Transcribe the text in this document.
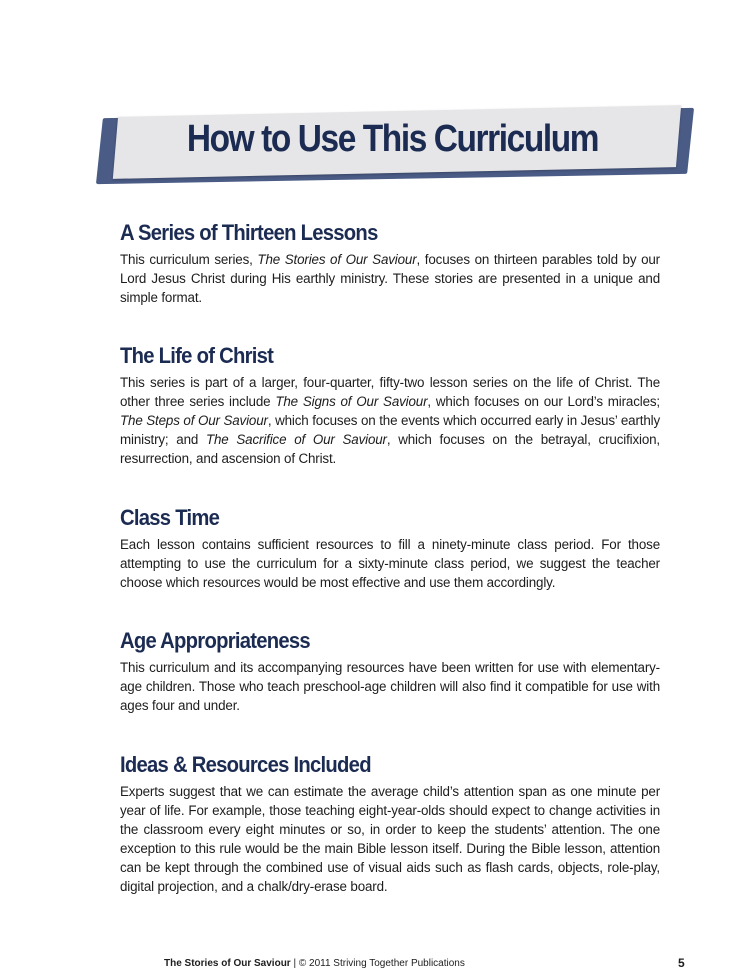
How to Use This Curriculum
A Series of Thirteen Lessons

This curriculum series, The Stories of Our Saviour, focuses on thirteen parables told by our Lord Jesus Christ during His earthly ministry. These stories are presented in a unique and simple format.

The Life of Christ

This series is part of a larger, four-quarter, fifty-two lesson series on the life of Christ. The other three series include The Signs of Our Saviour, which focuses on our Lord’s miracles; The Steps of Our Saviour, which focuses on the events which occurred early in Jesus’ earthly ministry; and The Sacrifice of Our Saviour, which focuses on the betrayal, crucifixion, resurrection, and ascension of Christ.

Class Time

Each lesson contains sufficient resources to fill a ninety-minute class period. For those attempting to use the curriculum for a sixty-minute class period, we suggest the teacher choose which resources would be most effective and use them accordingly.

Age Appropriateness

This curriculum and its accompanying resources have been written for use with elementary-age children. Those who teach preschool-age children will also find it compatible for use with ages four and under.

Ideas & Resources Included

Experts suggest that we can estimate the average child’s attention span as one minute per year of life. For example, those teaching eight-year-olds should expect to change activities in the classroom every eight minutes or so, in order to keep the students’ attention. The one exception to this rule would be the main Bible lesson itself. During the Bible lesson, attention can be kept through the combined use of visual aids such as flash cards, objects, role-play, digital projection, and a chalk/dry-erase board.

The Stories of Our Saviour | © 2011 Striving Together Publications	5
